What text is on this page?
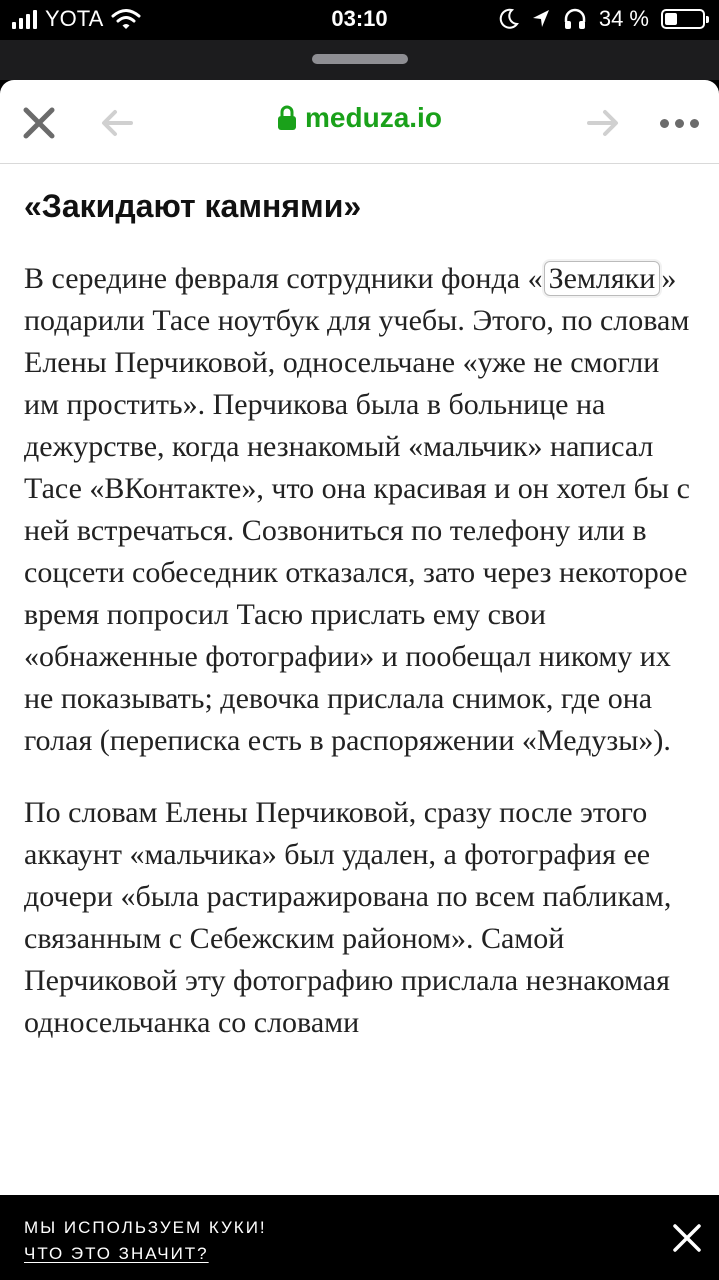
YOTA	03:10	34 %
meduza.io
«Закидают камнями»

В середине февраля сотрудники фонда « Земляки » подарили Тасе ноутбук для учебы. Этого, по словам Елены Перчиковой, односельчане «уже не смогли им простить». Перчикова была в больнице на дежурстве, когда незнакомый «мальчик» написал Тасе «ВКонтакте», что она красивая и он хотел бы с ней встречаться. Созвониться по телефону или в соцсети собеседник отказался, зато через некоторое время попросил Тасю прислать ему свои «обнаженные фотографии» и пообещал никому их не показывать; девочка прислала снимок, где она голая (переписка есть в распоряжении «Медузы»).

По словам Елены Перчиковой, сразу после этого аккаунт «мальчика» был удален, а фотография ее дочери «была растиражирована по всем пабликам, связанным с Себежским районом». Самой Перчиковой эту фотографию прислала незнакомая односельчанка со словами

МЫ ИСПОЛЬЗУЕМ КУКИ!
ЧТО ЭТО ЗНАЧИТ?
